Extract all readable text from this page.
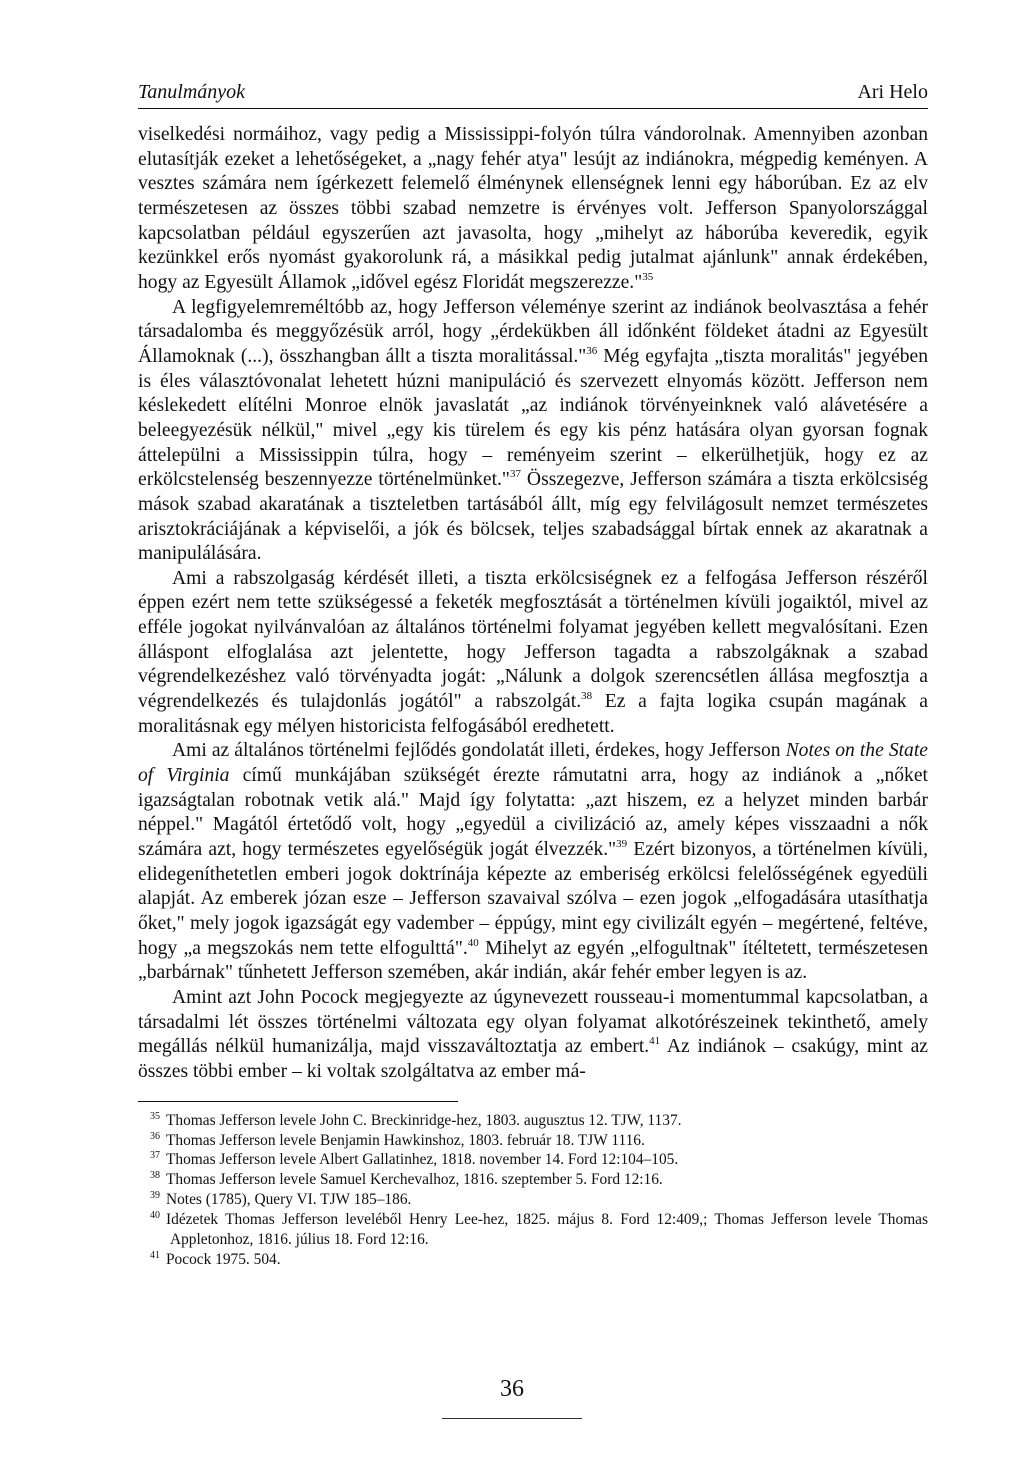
Tanulmányok	Ari Helo

viselkedési normáihoz, vagy pedig a Mississippi-folyón túlra vándorolnak. Amennyiben azonban elutasítják ezeket a lehetőségeket, a „nagy fehér atya" lesújt az indiánokra, mégpedig keményen. A vesztes számára nem ígérkezett felemelő élménynek ellenségnek lenni egy háborúban. Ez az elv természetesen az összes többi szabad nemzetre is érvényes volt. Jefferson Spanyolországgal kapcsolatban például egyszerűen azt javasolta, hogy „mihelyt az háborúba keveredik, egyik kezünkkel erős nyomást gyakorolunk rá, a másikkal pedig jutalmat ajánlunk" annak érdekében, hogy az Egyesült Államok „idővel egész Floridát megszerezze."$^{35}$

A legfigyelemreméltóbb az, hogy Jefferson véleménye szerint az indiánok beolvasztása a fehér társadalomba és meggyőzésük arról, hogy „érdekükben áll időnként földeket átadni az Egyesült Államoknak (...), összhangban állt a tiszta moralitással."$^{36}$ Még egyfajta „tiszta moralitás" jegyében is éles választóvonalat lehetett húzni manipuláció és szervezett elnyomás között. Jefferson nem késlekedett elítélni Monroe elnök javaslatát „az indiánok törvényeinknek való alávetésére a beleegyezésük nélkül," mivel „egy kis türelem és egy kis pénz hatására olyan gyorsan fognak áttelepülni a Mississippin túlra, hogy – reményeim szerint – elkerülhetjük, hogy ez az erkölcstelenség beszennyezze történelmünket."$^{37}$ Összegezve, Jefferson számára a tiszta erkölcsiség mások szabad akaratának a tiszteletben tartásából állt, míg egy felvilágosult nemzet természetes arisztokráciájának a képviselői, a jók és bölcsek, teljes szabadsággal bírtak ennek az akaratnak a manipulálására.

Ami a rabszolgaság kérdését illeti, a tiszta erkölcsiségnek ez a felfogása Jefferson részéről éppen ezért nem tette szükségessé a feketék megfosztását a történelmen kívüli jogaiktól, mivel az efféle jogokat nyilvánvalóan az általános történelmi folyamat jegyében kellett megvalósítani. Ezen álláspont elfoglalása azt jelentette, hogy Jefferson tagadta a rabszolgáknak a szabad végrendelkezéshez való törvényadta jogát: „Nálunk a dolgok szerencsétlen állása megfosztja a végrendelkezés és tulajdonlás jogától" a rabszolgát.$^{38}$ Ez a fajta logika csupán magának a moralitásnak egy mélyen historicista felfogásából eredhetett.

Ami az általános történelmi fejlődés gondolatát illeti, érdekes, hogy Jefferson Notes on the State of Virginia című munkájában szükségét érezte rámutatni arra, hogy az indiánok a „nőket igazságtalan robotnak vetik alá." Majd így folytatta: „azt hiszem, ez a helyzet minden barbár néppel." Magától értetődő volt, hogy „egyedül a civilizáció az, amely képes visszaadni a nők számára azt, hogy természetes egyelőségük jogát élvezzék."$^{39}$ Ezért bizonyos, a történelmen kívüli, elidegeníthetetlen emberi jogok doktrínája képezte az emberiség erkölcsi felelősségének egyedüli alapját. Az emberek józan esze – Jefferson szavaival szólva – ezen jogok „elfogadására utasíthatja őket," mely jogok igazságát egy vadember – éppúgy, mint egy civilizált egyén – megértené, feltéve, hogy „a megszokás nem tette elfogulttá".$^{40}$ Mihelyt az egyén „elfogultnak" ítéltetett, természetesen „barbárnak" tűnhetett Jefferson szemében, akár indián, akár fehér ember legyen is az.

Amint azt John Pocock megjegyezte az úgynevezett rousseau-i momentummal kapcsolatban, a társadalmi lét összes történelmi változata egy olyan folyamat alkotórészeinek tekinthető, amely megállás nélkül humanizálja, majd visszaváltoztatja az embert.$^{41}$ Az indiánok – csakúgy, mint az összes többi ember – ki voltak szolgáltatva az ember má-

$^{35}$ Thomas Jefferson levele John C. Breckinridge-hez, 1803. augusztus 12. TJW, 1137.
$^{36}$ Thomas Jefferson levele Benjamin Hawkinshoz, 1803. február 18. TJW 1116.
$^{37}$ Thomas Jefferson levele Albert Gallatinhez, 1818. november 14. Ford 12:104–105.
$^{38}$ Thomas Jefferson levele Samuel Kerchevalhoz, 1816. szeptember 5. Ford 12:16.
$^{39}$ Notes (1785), Query VI. TJW 185–186.
$^{40}$ Idézetek Thomas Jefferson leveléből Henry Lee-hez, 1825. május 8. Ford 12:409,; Thomas Jefferson levele Thomas Appletonhoz, 1816. július 18. Ford 12:16.
$^{41}$ Pocock 1975. 504.
36
